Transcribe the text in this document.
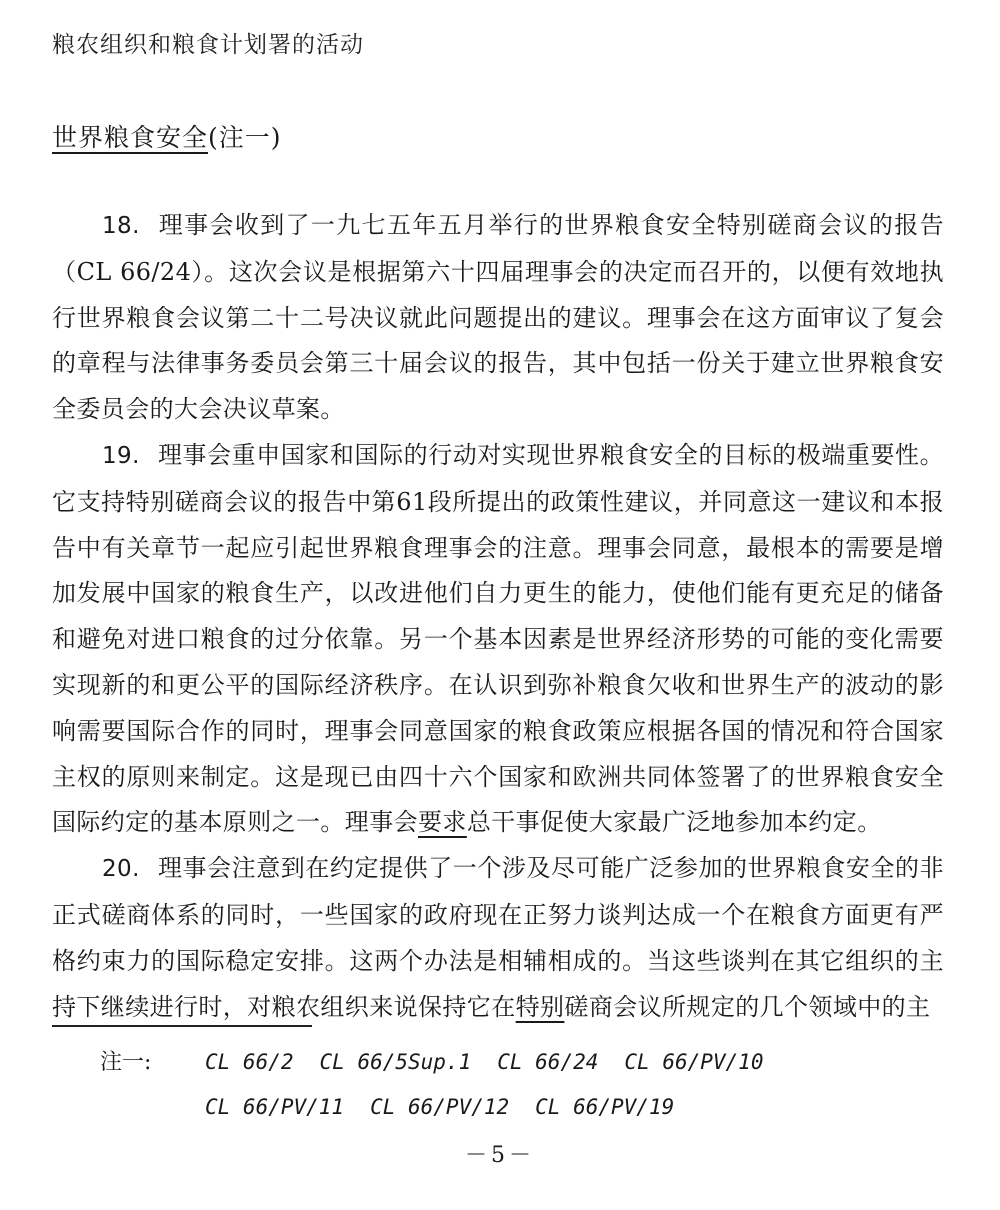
粮农组织和粮食计划署的活动
世界粮食安全(注一)

18. 理事会收到了一九七五年五月举行的世界粮食安全特别磋商会议的报告（CL 66/24）。这次会议是根据第六十四届理事会的决定而召开的，以便有效地执行世界粮食会议第二十二号决议就此问题提出的建议。理事会在这方面审议了复会的章程与法律事务委员会第三十届会议的报告，其中包括一份关于建立世界粮食安全委员会的大会决议草案。

19. 理事会重申国家和国际的行动对实现世界粮食安全的目标的极端重要性。它支持特别磋商会议的报告中第61段所提出的政策性建议，并同意这一建议和本报告中有关章节一起应引起世界粮食理事会的注意。理事会同意，最根本的需要是增加发展中国家的粮食生产，以改进他们自力更生的能力，使他们能有更充足的储备和避免对进口粮食的过分依靠。另一个基本因素是世界经济形势的可能的变化需要实现新的和更公平的国际经济秩序。在认识到弥补粮食欠收和世界生产的波动的影响需要国际合作的同时，理事会同意国家的粮食政策应根据各国的情况和符合国家主权的原则来制定。这是现已由四十六个国家和欧洲共同体签署了的世界粮食安全国际约定的基本原则之一。理事会要求总干事促使大家最广泛地参加本约定。

20. 理事会注意到在约定提供了一个涉及尽可能广泛参加的世界粮食安全的非正式磋商体系的同时，一些国家的政府现在正努力谈判达成一个在粮食方面更有严格约束力的国际稳定安排。这两个办法是相辅相成的。当这些谈判在其它组织的主持下继续进行时，对粮农组织来说保持它在特别磋商会议所规定的几个领域中的主

注一:	CL 66/2 CL 66/5Sup.1 CL 66/24 CL 66/PV/10
CL 66/PV/11 CL 66/PV/12 CL 66/PV/19
－5－
